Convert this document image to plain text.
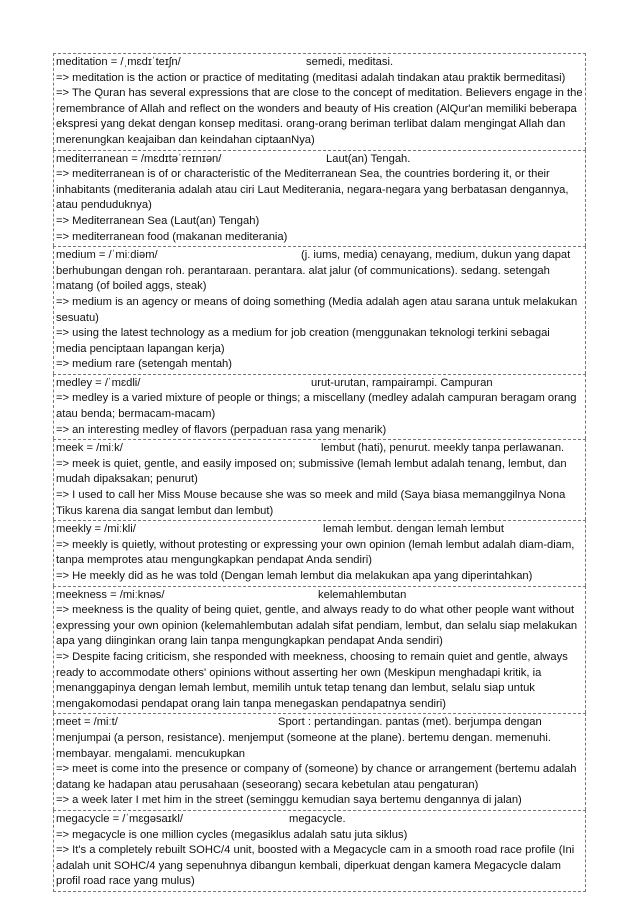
meditation = /ˌmɛdɪˈteɪʃn/	semedi, meditasi.
=> meditation is the action or practice of meditating (meditasi adalah tindakan atau praktik bermeditasi)
=> The Quran has several expressions that are close to the concept of meditation. Believers engage in the remembrance of Allah and reflect on the wonders and beauty of His creation (AlQur'an memiliki beberapa ekspresi yang dekat dengan konsep meditasi. orang-orang beriman terlibat dalam mengingat Allah dan merenungkan keajaiban dan keindahan ciptaanNya)
mediterranean = /mɛdɪtəˈreɪnɪən/	Laut(an) Tengah.
=> mediterranean is of or characteristic of the Mediterranean Sea, the countries bordering it, or their inhabitants (mediterania adalah atau ciri Laut Mediterania, negara-negara yang berbatasan dengannya, atau penduduknya)
=> Mediterranean Sea (Laut(an) Tengah)
=> mediterranean food (makanan mediterania)
medium = /ˈmiːdiəm/	(j. iums, media) cenayang, medium, dukun yang dapat
berhubungan dengan roh. perantaraan. perantara. alat jalur (of communications). sedang. setengah matang (of boiled aggs, steak)
=> medium is an agency or means of doing something (Media adalah agen atau sarana untuk melakukan sesuatu)
=> using the latest technology as a medium for job creation (menggunakan teknologi terkini sebagai media penciptaan lapangan kerja)
=> medium rare (setengah mentah)
medley = /ˈmɛdli/	urut-urutan, rampairampi. Campuran
=> medley is a varied mixture of people or things; a miscellany (medley adalah campuran beragam orang atau benda; bermacam-macam)
=> an interesting medley of flavors (perpaduan rasa yang menarik)
meek = /miːk/	lembut (hati), penurut. meekly tanpa perlawanan.
=> meek is quiet, gentle, and easily imposed on; submissive (lemah lembut adalah tenang, lembut, dan mudah dipaksakan; penurut)
=> I used to call her Miss Mouse because she was so meek and mild (Saya biasa memanggilnya Nona Tikus karena dia sangat lembut dan lembut)
meekly = /miːkli/	lemah lembut. dengan lemah lembut
=> meekly is quietly, without protesting or expressing your own opinion (lemah lembut adalah diam-diam, tanpa memprotes atau mengungkapkan pendapat Anda sendiri)
=> He meekly did as he was told (Dengan lemah lembut dia melakukan apa yang diperintahkan)
meekness = /miːknəs/	kelemahlembutan
=> meekness is the quality of being quiet, gentle, and always ready to do what other people want without expressing your own opinion (kelemahlembutan adalah sifat pendiam, lembut, dan selalu siap melakukan apa yang diinginkan orang lain tanpa mengungkapkan pendapat Anda sendiri)
=> Despite facing criticism, she responded with meekness, choosing to remain quiet and gentle, always ready to accommodate others' opinions without asserting her own (Meskipun menghadapi kritik, ia menanggapinya dengan lemah lembut, memilih untuk tetap tenang dan lembut, selalu siap untuk mengakomodasi pendapat orang lain tanpa menegaskan pendapatnya sendiri)
meet = /miːt/	Sport : pertandingan. pantas (met). berjumpa dengan
menjumpai (a person, resistance). menjemput (someone at the plane). bertemu dengan. memenuhi. membayar. mengalami. mencukupkan
=> meet is come into the presence or company of (someone) by chance or arrangement (bertemu adalah datang ke hadapan atau perusahaan (seseorang) secara kebetulan atau pengaturan)
=> a week later I met him in the street (seminggu kemudian saya bertemu dengannya di jalan)
megacycle = /ˈmɛɡəsaɪkl/	megacycle.
=> megacycle is one million cycles (megasiklus adalah satu juta siklus)
=> It's a completely rebuilt SOHC/4 unit, boosted with a Megacycle cam in a smooth road race profile (Ini adalah unit SOHC/4 yang sepenuhnya dibangun kembali, diperkuat dengan kamera Megacycle dalam profil road race yang mulus)
